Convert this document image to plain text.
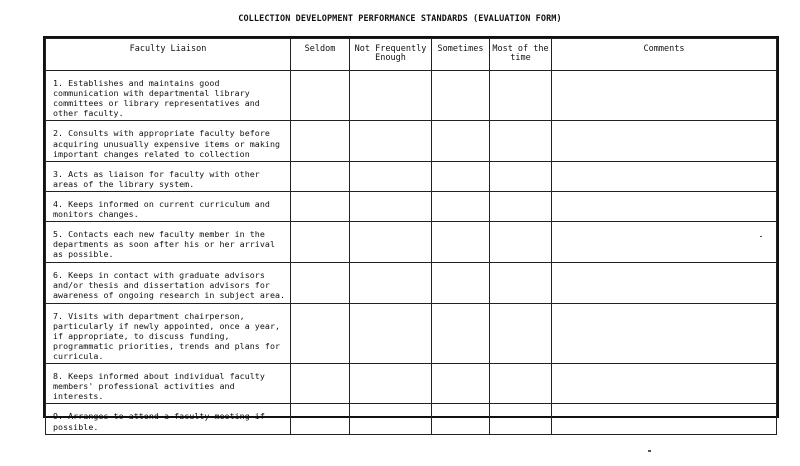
COLLECTION DEVELOPMENT PERFORMANCE STANDARDS (EVALUATION FORM)
Faculty Liaison	Seldom	Not Frequently Enough	Sometimes	Most of the time	Comments
1. Establishes and maintains good communication with departmental library committees or library representatives and other faculty.					
2. Consults with appropriate faculty before acquiring unusually expensive items or making important changes related to collection					
3. Acts as liaison for faculty with other areas of the library system.					
4. Keeps informed on current curriculum and monitors changes.					
5. Contacts each new faculty member in the departments as soon after his or her arrival as possible.					
6. Keeps in contact with graduate advisors and/or thesis and dissertation advisors for awareness of ongoing research in subject area.					
7. Visits with department chairperson, particularly if newly appointed, once a year, if appropriate, to discuss funding, programmatic priorities, trends and plans for curricula.					
8. Keeps informed about individual faculty members' professional activities and interests.					
9. Arranges to attend a faculty meeting if possible.					
